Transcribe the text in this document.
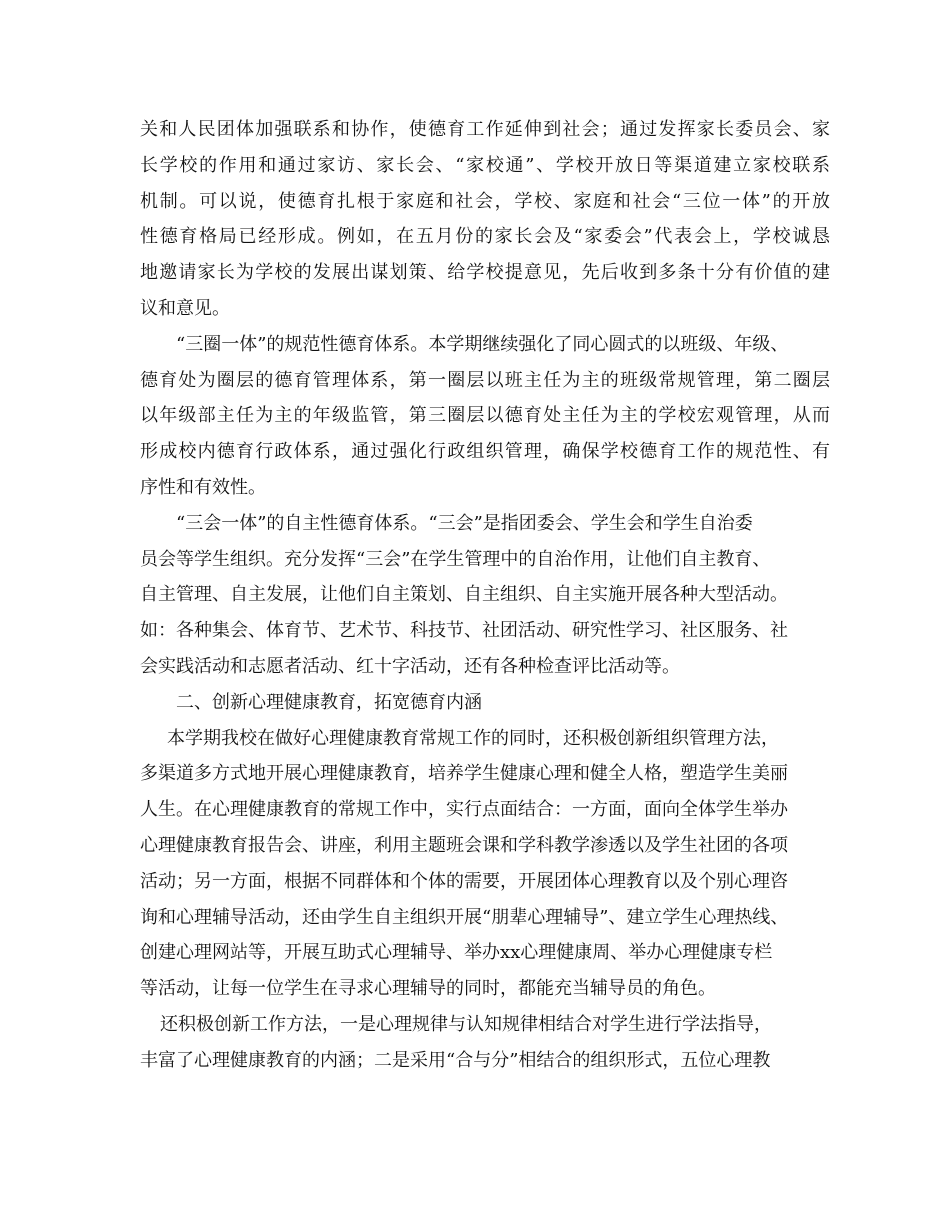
关和人民团体加强联系和协作，使德育工作延伸到社会；通过发挥家长委员会、家
长学校的作用和通过家访、家长会、“家校通”、学校开放日等渠道建立家校联系
机制。可以说，使德育扎根于家庭和社会，学校、家庭和社会“三位一体”的开放
性德育格局已经形成。例如，在五月份的家长会及“家委会”代表会上，学校诚恳
地邀请家长为学校的发展出谋划策、给学校提意见，先后收到多条十分有价值的建
议和意见。
“三圈一体”的规范性德育体系。本学期继续强化了同心圆式的以班级、年级、
德育处为圈层的德育管理体系，第一圈层以班主任为主的班级常规管理，第二圈层
以年级部主任为主的年级监管，第三圈层以德育处主任为主的学校宏观管理，从而
形成校内德育行政体系，通过强化行政组织管理，确保学校德育工作的规范性、有
序性和有效性。
“三会一体”的自主性德育体系。“三会”是指团委会、学生会和学生自治委
员会等学生组织。充分发挥“三会”在学生管理中的自治作用，让他们自主教育、
自主管理、自主发展，让他们自主策划、自主组织、自主实施开展各种大型活动。
如：各种集会、体育节、艺术节、科技节、社团活动、研究性学习、社区服务、社
会实践活动和志愿者活动、红十字活动，还有各种检查评比活动等。
二、创新心理健康教育，拓宽德育内涵
本学期我校在做好心理健康教育常规工作的同时，还积极创新组织管理方法，
多渠道多方式地开展心理健康教育，培养学生健康心理和健全人格，塑造学生美丽
人生。在心理健康教育的常规工作中，实行点面结合：一方面，面向全体学生举办
心理健康教育报告会、讲座，利用主题班会课和学科教学渗透以及学生社团的各项
活动；另一方面，根据不同群体和个体的需要，开展团体心理教育以及个别心理咨
询和心理辅导活动，还由学生自主组织开展“朋辈心理辅导”、建立学生心理热线、
创建心理网站等，开展互助式心理辅导、举办xx心理健康周、举办心理健康专栏
等活动，让每一位学生在寻求心理辅导的同时，都能充当辅导员的角色。
还积极创新工作方法，一是心理规律与认知规律相结合对学生进行学法指导，
丰富了心理健康教育的内涵；二是采用“合与分”相结合的组织形式，五位心理教
